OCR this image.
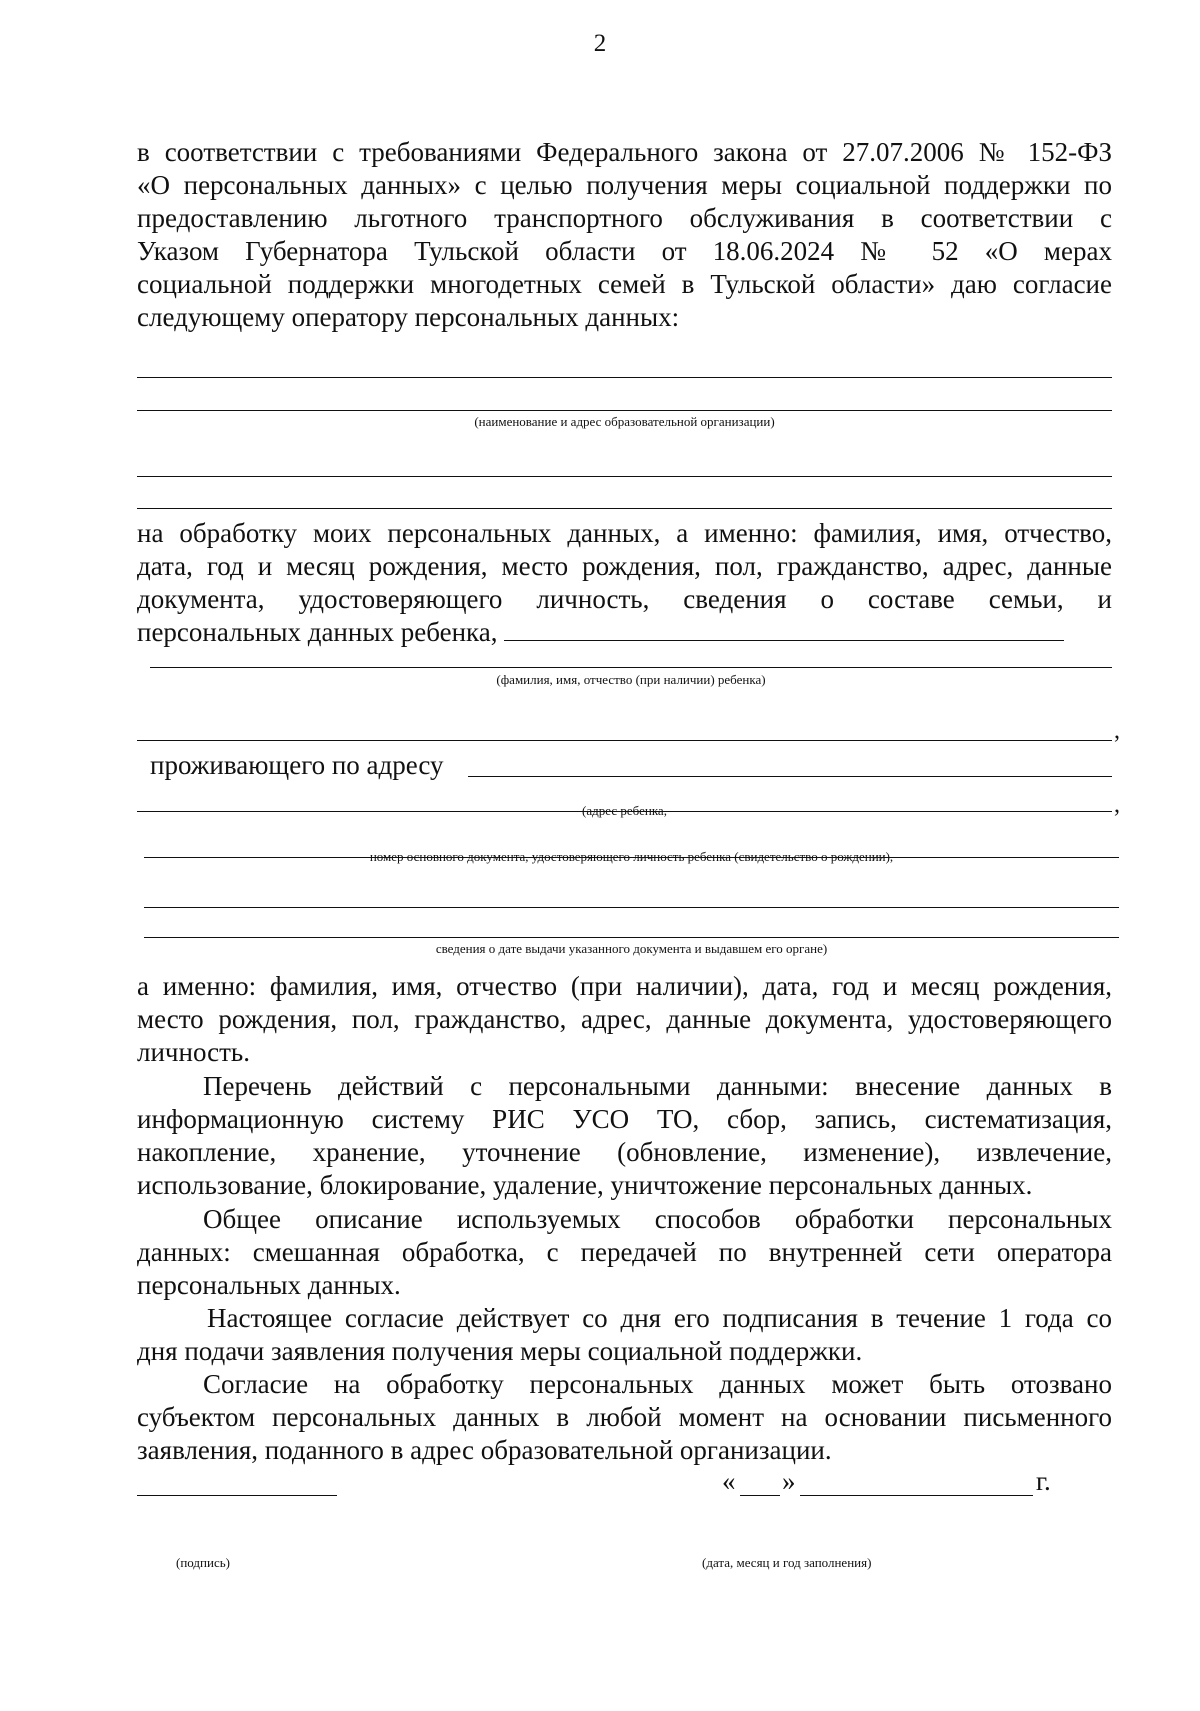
2
в соответствии с требованиями Федерального закона от 27.07.2006 № 152-ФЗ
«О персональных данных» с целью получения меры социальной поддержки по
предоставлению льготного транспортного обслуживания в соответствии с
Указом Губернатора Тульской области от 18.06.2024 № 52 «О мерах
социальной поддержки многодетных семей в Тульской области» даю согласие
следующему оператору персональных данных:
(наименование и адрес образовательной организации)
на обработку моих персональных данных, а именно: фамилия, имя, отчество,
дата, год и месяц рождения, место рождения, пол, гражданство, адрес, данные
документа, удостоверяющего личность, сведения о составе семьи, и
персональных данных ребенка,
(фамилия, имя, отчество (при наличии) ребенка)
,
проживающего по адресу
(адрес ребенка,	,
номер основного документа, удостоверяющего личность ребенка (свидетельство о рождении),
сведения о дате выдачи указанного документа и выдавшем его органе)
а именно: фамилия, имя, отчество (при наличии), дата, год и месяц рождения,
место рождения, пол, гражданство, адрес, данные документа, удостоверяющего
личность.
Перечень действий с персональными данными: внесение данных в
информационную систему РИС УСО ТО, сбор, запись, систематизация,
накопление, хранение, уточнение (обновление, изменение), извлечение,
использование, блокирование, удаление, уничтожение персональных данных.
Общее описание используемых способов обработки персональных
данных: смешанная обработка, с передачей по внутренней сети оператора
персональных данных.
Настоящее согласие действует со дня его подписания в течение 1 года со
дня подачи заявления получения меры социальной поддержки.
Согласие на обработку персональных данных может быть отозвано
субъектом персональных данных в любой момент на основании письменного
заявления, поданного в адрес образовательной организации.
« »	г.
(подпись)	(дата, месяц и год заполнения)
